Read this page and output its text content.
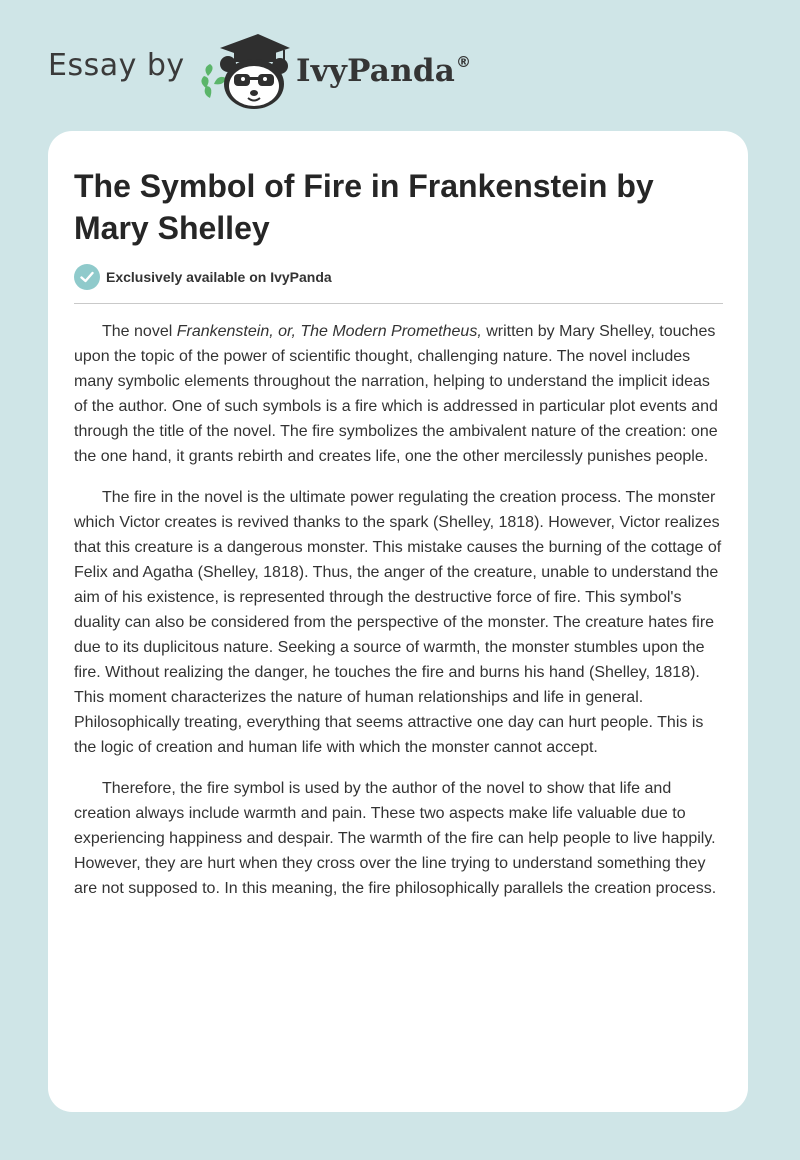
Essay by	IvyPanda®
The Symbol of Fire in Frankenstein by Mary Shelley
Exclusively available on IvyPanda

The novel Frankenstein, or, The Modern Prometheus, written by Mary Shelley, touches upon the topic of the power of scientific thought, challenging nature. The novel includes many symbolic elements throughout the narration, helping to understand the implicit ideas of the author. One of such symbols is a fire which is addressed in particular plot events and through the title of the novel. The fire symbolizes the ambivalent nature of the creation: one the one hand, it grants rebirth and creates life, one the other mercilessly punishes people.

The fire in the novel is the ultimate power regulating the creation process. The monster which Victor creates is revived thanks to the spark (Shelley, 1818). However, Victor realizes that this creature is a dangerous monster. This mistake causes the burning of the cottage of Felix and Agatha (Shelley, 1818). Thus, the anger of the creature, unable to understand the aim of his existence, is represented through the destructive force of fire. This symbol's duality can also be considered from the perspective of the monster. The creature hates fire due to its duplicitous nature. Seeking a source of warmth, the monster stumbles upon the fire. Without realizing the danger, he touches the fire and burns his hand (Shelley, 1818). This moment characterizes the nature of human relationships and life in general. Philosophically treating, everything that seems attractive one day can hurt people. This is the logic of creation and human life with which the monster cannot accept.

Therefore, the fire symbol is used by the author of the novel to show that life and creation always include warmth and pain. These two aspects make life valuable due to experiencing happiness and despair. The warmth of the fire can help people to live happily. However, they are hurt when they cross over the line trying to understand something they are not supposed to. In this meaning, the fire philosophically parallels the creation process.
